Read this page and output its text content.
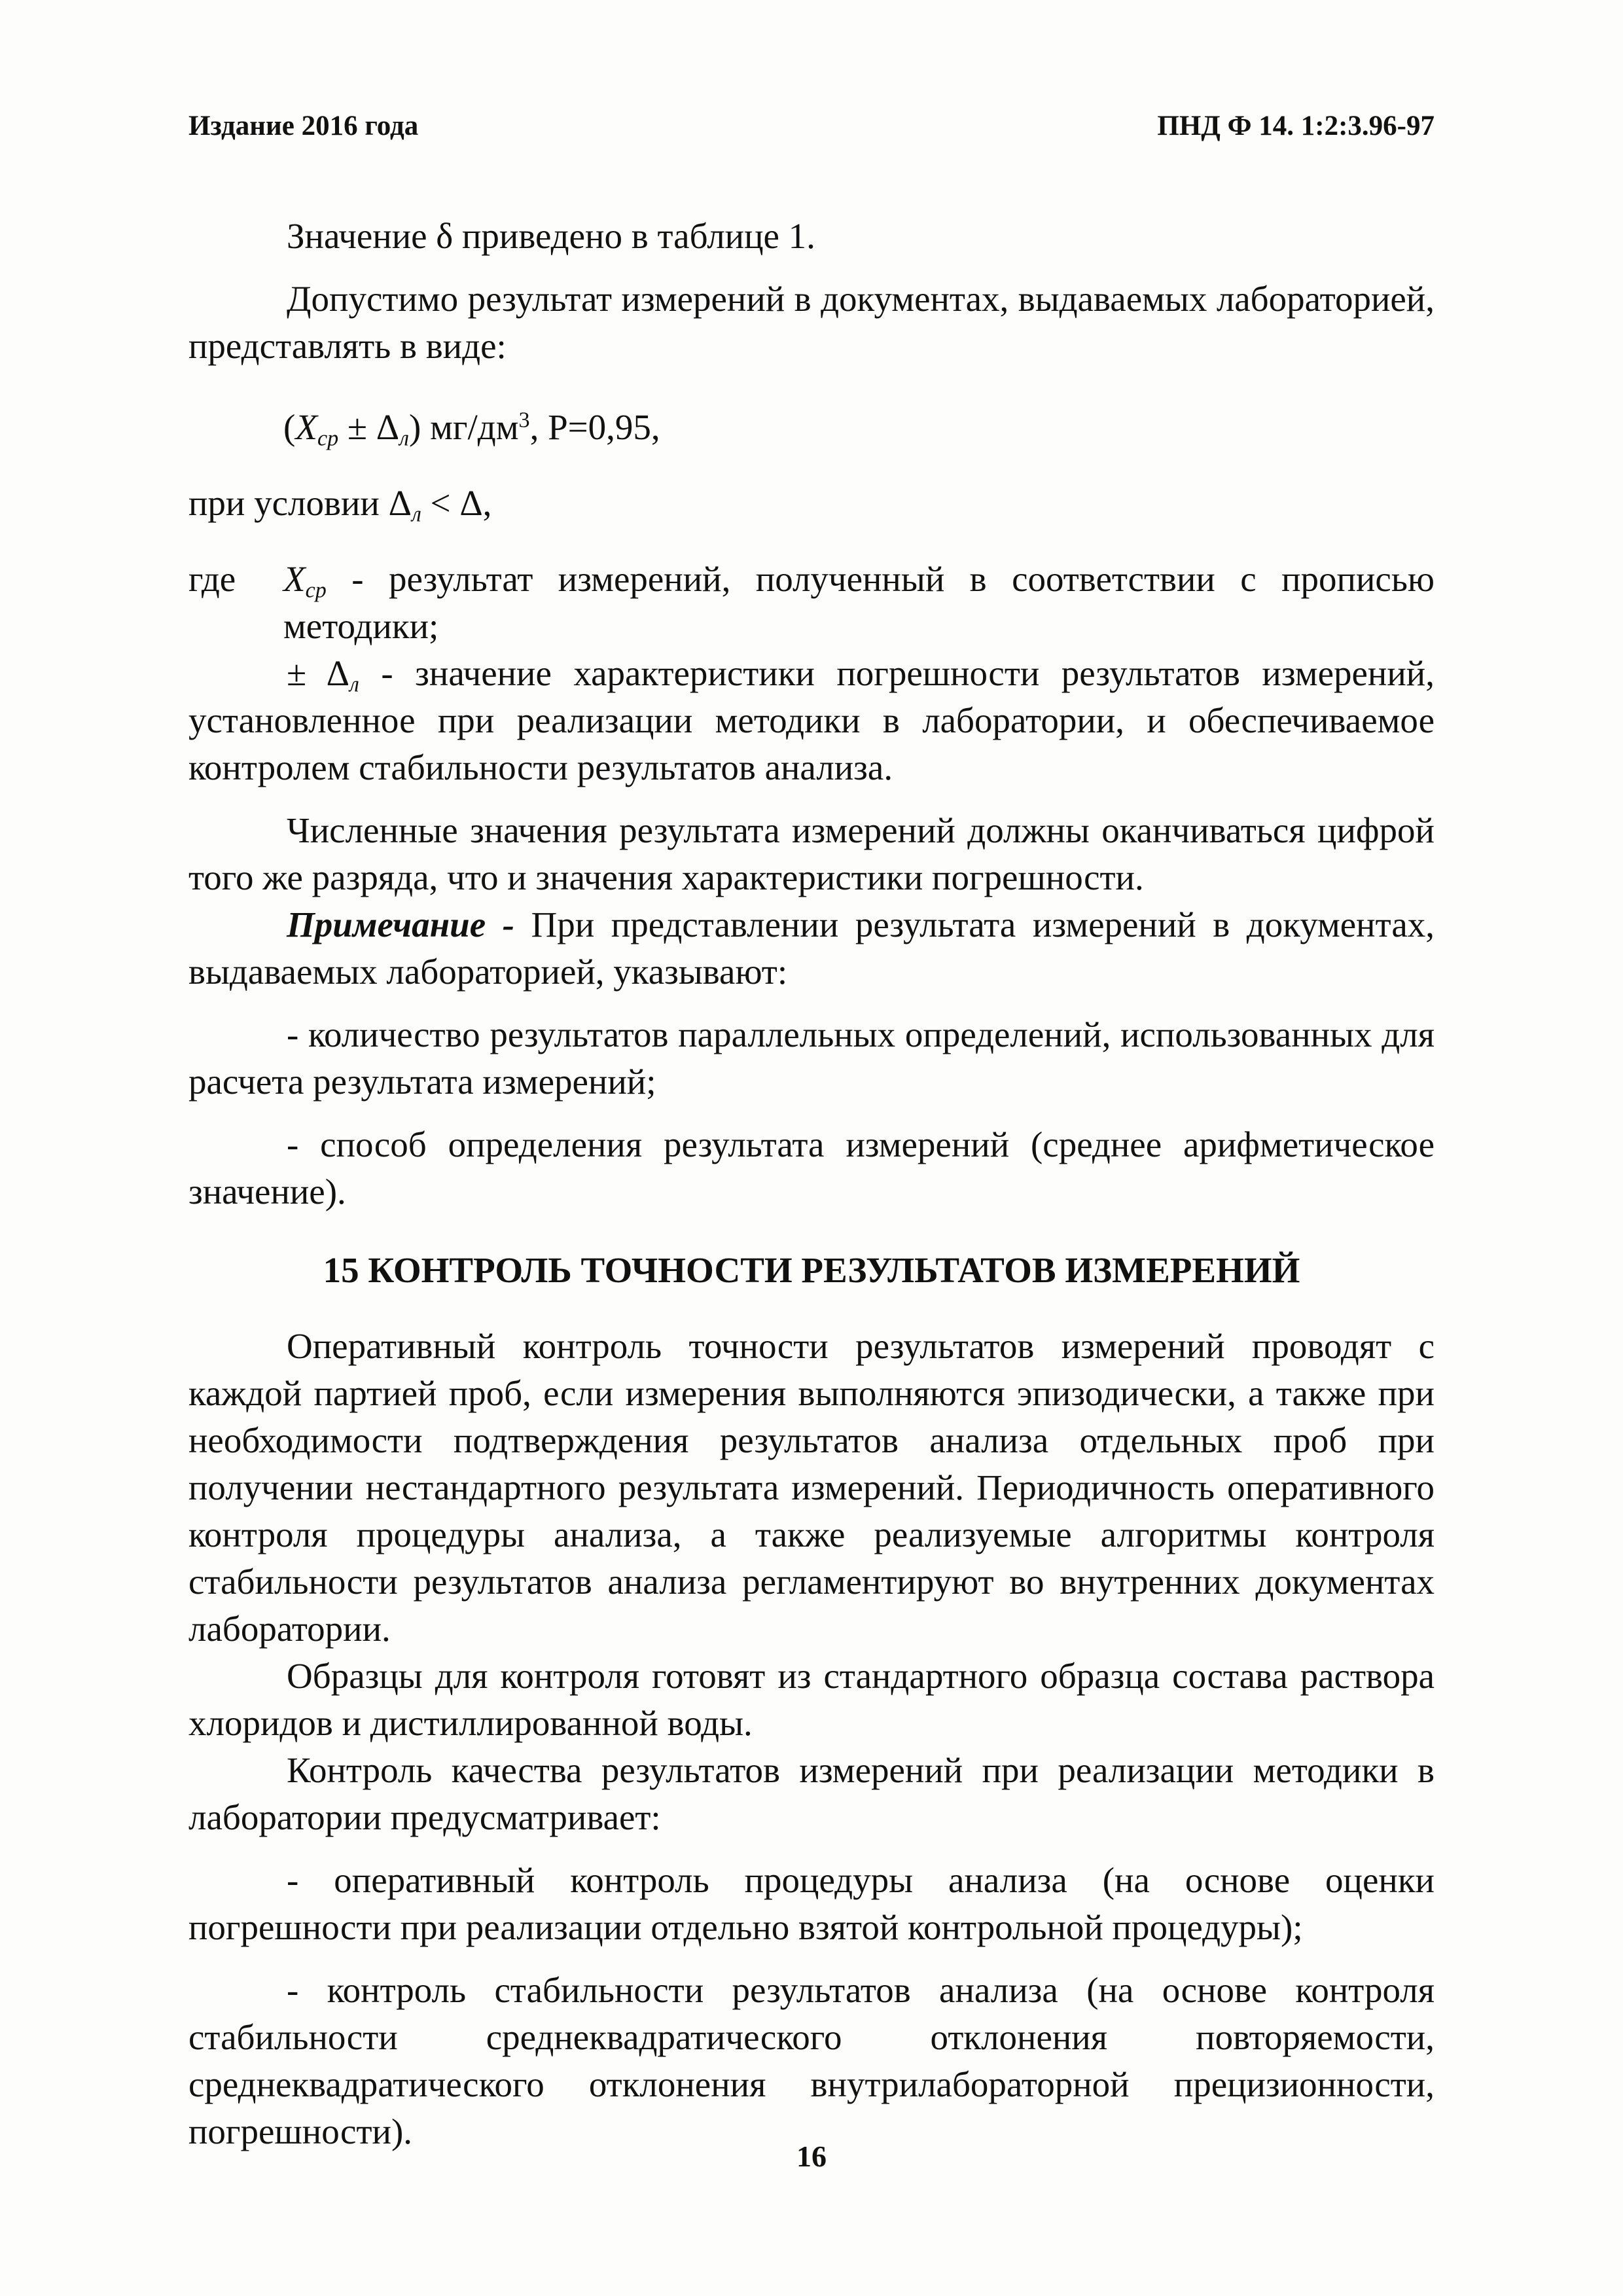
Издание 2016 года	ПНД Ф 14. 1:2:3.96-97

Значение δ приведено в таблице 1.

Допустимо результат измерений в документах, выдаваемых лабораторией, представлять в виде:

$(X_{ср} \pm \Delta_л)$ $мг/дм^3$, Р=0,95,

при условии $\Delta_л < \Delta$,

где	$X_{ср}$ - результат измерений, полученный в соответствии с прописью методики;

± $\Delta_л$ - значение характеристики погрешности результатов измерений, установленное при реализации методики в лаборатории, и обеспечиваемое контролем стабильности результатов анализа.

Численные значения результата измерений должны оканчиваться цифрой того же разряда, что и значения характеристики погрешности.

Примечание - При представлении результата измерений в документах, выдаваемых лабораторией, указывают:

- количество результатов параллельных определений, использованных для расчета результата измерений;

- способ определения результата измерений (среднее арифметическое значение).

15 КОНТРОЛЬ ТОЧНОСТИ РЕЗУЛЬТАТОВ ИЗМЕРЕНИЙ

Оперативный контроль точности результатов измерений проводят с каждой партией проб, если измерения выполняются эпизодически, а также при необходимости подтверждения результатов анализа отдельных проб при получении нестандартного результата измерений. Периодичность оперативного контроля процедуры анализа, а также реализуемые алгоритмы контроля стабильности результатов анализа регламентируют во внутренних документах лаборатории.

Образцы для контроля готовят из стандартного образца состава раствора хлоридов и дистиллированной воды.

Контроль качества результатов измерений при реализации методики в лаборатории предусматривает:

- оперативный контроль процедуры анализа (на основе оценки погрешности при реализации отдельно взятой контрольной процедуры);

- контроль стабильности результатов анализа (на основе контроля стабильности среднеквадратического отклонения повторяемости, среднеквадратического отклонения внутрилабораторной прецизионности, погрешности).

16
